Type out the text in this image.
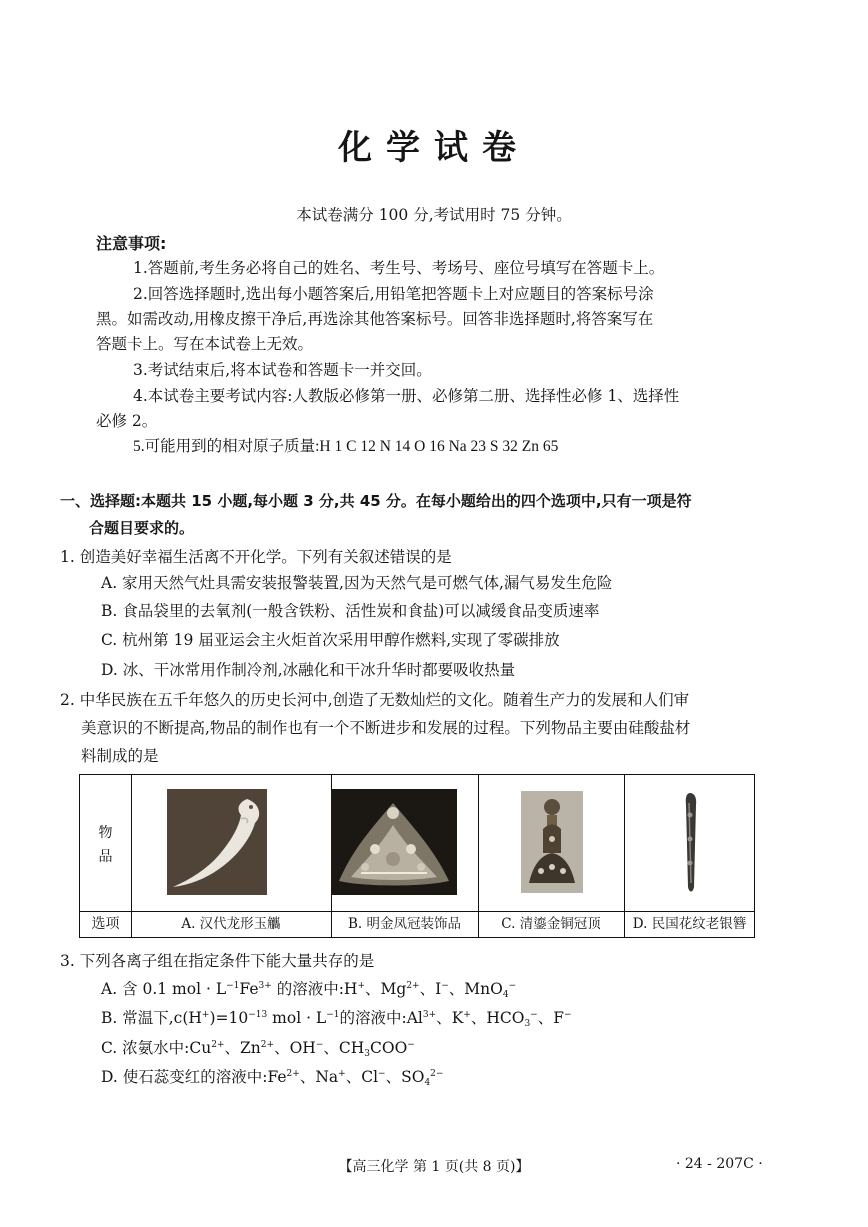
化学试卷
本试卷满分 100 分,考试用时 75 分钟。
注意事项:
1.答题前,考生务必将自己的姓名、考生号、考场号、座位号填写在答题卡上。
2.回答选择题时,选出每小题答案后,用铅笔把答题卡上对应题目的答案标号涂
黑。如需改动,用橡皮擦干净后,再选涂其他答案标号。回答非选择题时,将答案写在
答题卡上。写在本试卷上无效。
3.考试结束后,将本试卷和答题卡一并交回。
4.本试卷主要考试内容:人教版必修第一册、必修第二册、选择性必修 1、选择性
必修 2。
5.可能用到的相对原子质量:H 1 C 12 N 14 O 16 Na 23 S 32 Zn 65
一、选择题:本题共 15 小题,每小题 3 分,共 45 分。在每小题给出的四个选项中,只有一项是符
合题目要求的。
1. 创造美好幸福生活离不开化学。下列有关叙述错误的是
A. 家用天然气灶具需安装报警装置,因为天然气是可燃气体,漏气易发生危险
B. 食品袋里的去氧剂(一般含铁粉、活性炭和食盐)可以减缓食品变质速率
C. 杭州第 19 届亚运会主火炬首次采用甲醇作燃料,实现了零碳排放
D. 冰、干冰常用作制冷剂,冰融化和干冰升华时都要吸收热量
2. 中华民族在五千年悠久的历史长河中,创造了无数灿烂的文化。随着生产力的发展和人们审
美意识的不断提高,物品的制作也有一个不断进步和发展的过程。下列物品主要由硅酸盐材
料制成的是
物
品
选项	A. 汉代龙形玉觿	B. 明金凤冠装饰品	C. 清鎏金铜冠顶	D. 民国花纹老银簪
3. 下列各离子组在指定条件下能大量共存的是
A. 含 0.1 mol · $L^{-1}Fe^{3+}$ 的溶液中:H+、$Mg^{2+}$、I−、MnO$_4$−
B. 常温下$,c(H^+)=10^{-13}$ mol · $L^{-1}$的溶液中$:Al^{3+}$、K+、$HCO_3^-$、F−
C. 浓氨水中$:Cu^{2+}$、$Zn^{2+}$、OH−、$CH_3COO^-$
D. 使石蕊变红的溶液中$:Fe^{2+}$、Na+、Cl−、$SO_4^{2-}$
【高三化学 第 1 页(共 8 页)】	· 24 - 207C ·
